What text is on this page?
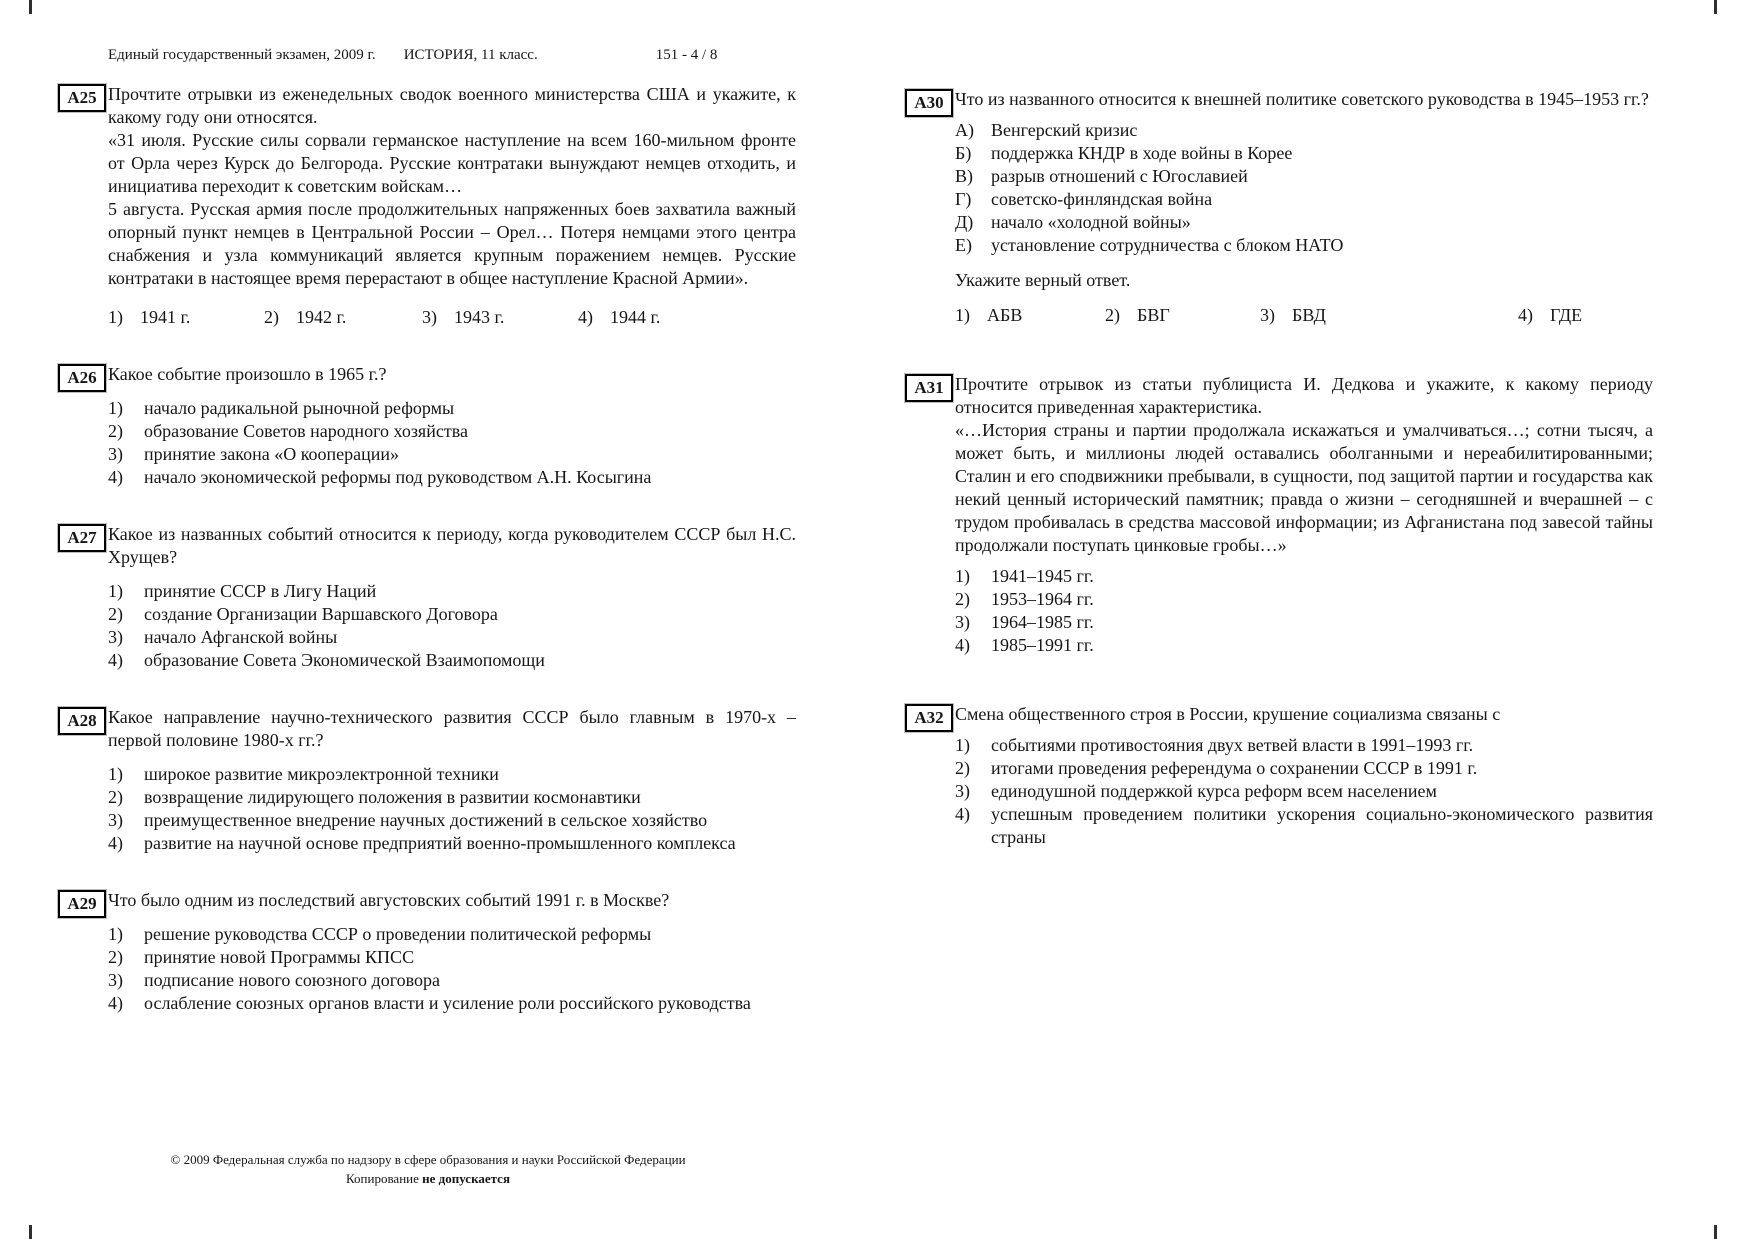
Единый государственный экзамен, 2009 г. ИСТОРИЯ, 11 класс.	151 - 4 / 8
А25 Прочтите отрывки из еженедельных сводок военного министерства США и укажите, к какому году они относятся.

«31 июля. Русские силы сорвали германское наступление на всем 160-мильном фронте от Орла через Курск до Белгорода. Русские контратаки вынуждают немцев отходить, и инициатива переходит к советским войскам…

5 августа. Русская армия после продолжительных напряженных боев захватила важный опорный пункт немцев в Центральной России – Орел… Потеря немцами этого центра снабжения и узла коммуникаций является крупным поражением немцев. Русские контратаки в настоящее время перерастают в общее наступление Красной Армии».

1) 1941 г.	2) 1942 г.	3) 1943 г.	4) 1944 г.
А26 Какое событие произошло в 1965 г.?

1)	начало радикальной рыночной реформы
2)	образование Советов народного хозяйства
3)	принятие закона «О кооперации»
4)	начало экономической реформы под руководством А.Н. Косыгина
А27 Какое из названных событий относится к периоду, когда руководителем СССР был Н.С. Хрущев?

1)	принятие СССР в Лигу Наций
2)	создание Организации Варшавского Договора
3)	начало Афганской войны
4)	образование Совета Экономической Взаимопомощи
А28 Какое направление научно-технического развития СССР было главным в 1970-х – первой половине 1980-х гг.?

1)	широкое развитие микроэлектронной техники
2)	возвращение лидирующего положения в развитии космонавтики
3)	преимущественное внедрение научных достижений в сельское хозяйство
4)	развитие на научной основе предприятий военно-промышленного комплекса
А29 Что было одним из последствий августовских событий 1991 г. в Москве?

1)	решение руководства СССР о проведении политической реформы
2)	принятие новой Программы КПСС
3)	подписание нового союзного договора
4)	ослабление союзных органов власти и усиление роли российского руководства
А30 Что из названного относится к внешней политике советского руководства в 1945–1953 гг.?

А) Венгерский кризис
Б)	поддержка КНДР в ходе войны в Корее
В)	разрыв отношений с Югославией
Г)	советско-финляндская война
Д) начало «холодной войны»
Е)	установление сотрудничества с блоком НАТО

Укажите верный ответ.

1) АБВ	2) БВГ	3) БВД	4) ГДЕ
А31 Прочтите отрывок из статьи публициста И. Дедкова и укажите, к какому периоду относится приведенная характеристика.

«…История страны и партии продолжала искажаться и умалчиваться…; сотни тысяч, а может быть, и миллионы людей оставались оболганными и нереабилитированными; Сталин и его сподвижники пребывали, в сущности, под защитой партии и государства как некий ценный исторический памятник; правда о жизни – сегодняшней и вчерашней – с трудом пробивалась в средства массовой информации; из Афганистана под завесой тайны продолжали поступать цинковые гробы…»

1)	1941–1945 гг.
2)	1953–1964 гг.
3)	1964–1985 гг.
4)	1985–1991 гг.
А32 Смена общественного строя в России, крушение социализма связаны с

1)	событиями противостояния двух ветвей власти в 1991–1993 гг.
2)	итогами проведения референдума о сохранении СССР в 1991 г.
3)	единодушной поддержкой курса реформ всем населением
4)	успешным проведением политики ускорения социально-экономического развития страны
© 2009 Федеральная служба по надзору в сфере образования и науки Российской Федерации
Копирование не допускается
